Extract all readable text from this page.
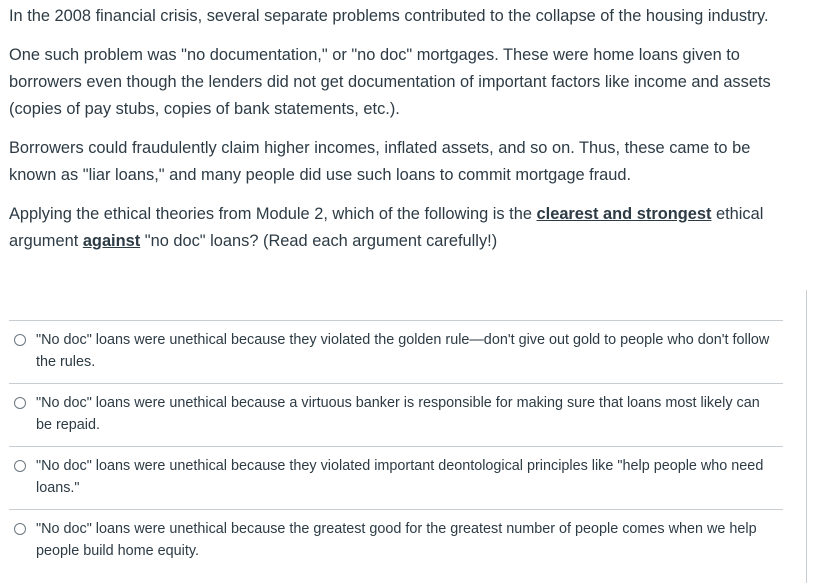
In the 2008 financial crisis, several separate problems contributed to the collapse of the housing industry.

One such problem was "no documentation," or "no doc" mortgages. These were home loans given to borrowers even though the lenders did not get documentation of important factors like income and assets (copies of pay stubs, copies of bank statements, etc.).

Borrowers could fraudulently claim higher incomes, inflated assets, and so on. Thus, these came to be known as "liar loans," and many people did use such loans to commit mortgage fraud.

Applying the ethical theories from Module 2, which of the following is the clearest and strongest ethical argument against "no doc" loans? (Read each argument carefully!)

"No doc" loans were unethical because they violated the golden rule—don't give out gold to people who don't follow the rules.
"No doc" loans were unethical because a virtuous banker is responsible for making sure that loans most likely can be repaid.
"No doc" loans were unethical because they violated important deontological principles like "help people who need loans."
"No doc" loans were unethical because the greatest good for the greatest number of people comes when we help people build home equity.
